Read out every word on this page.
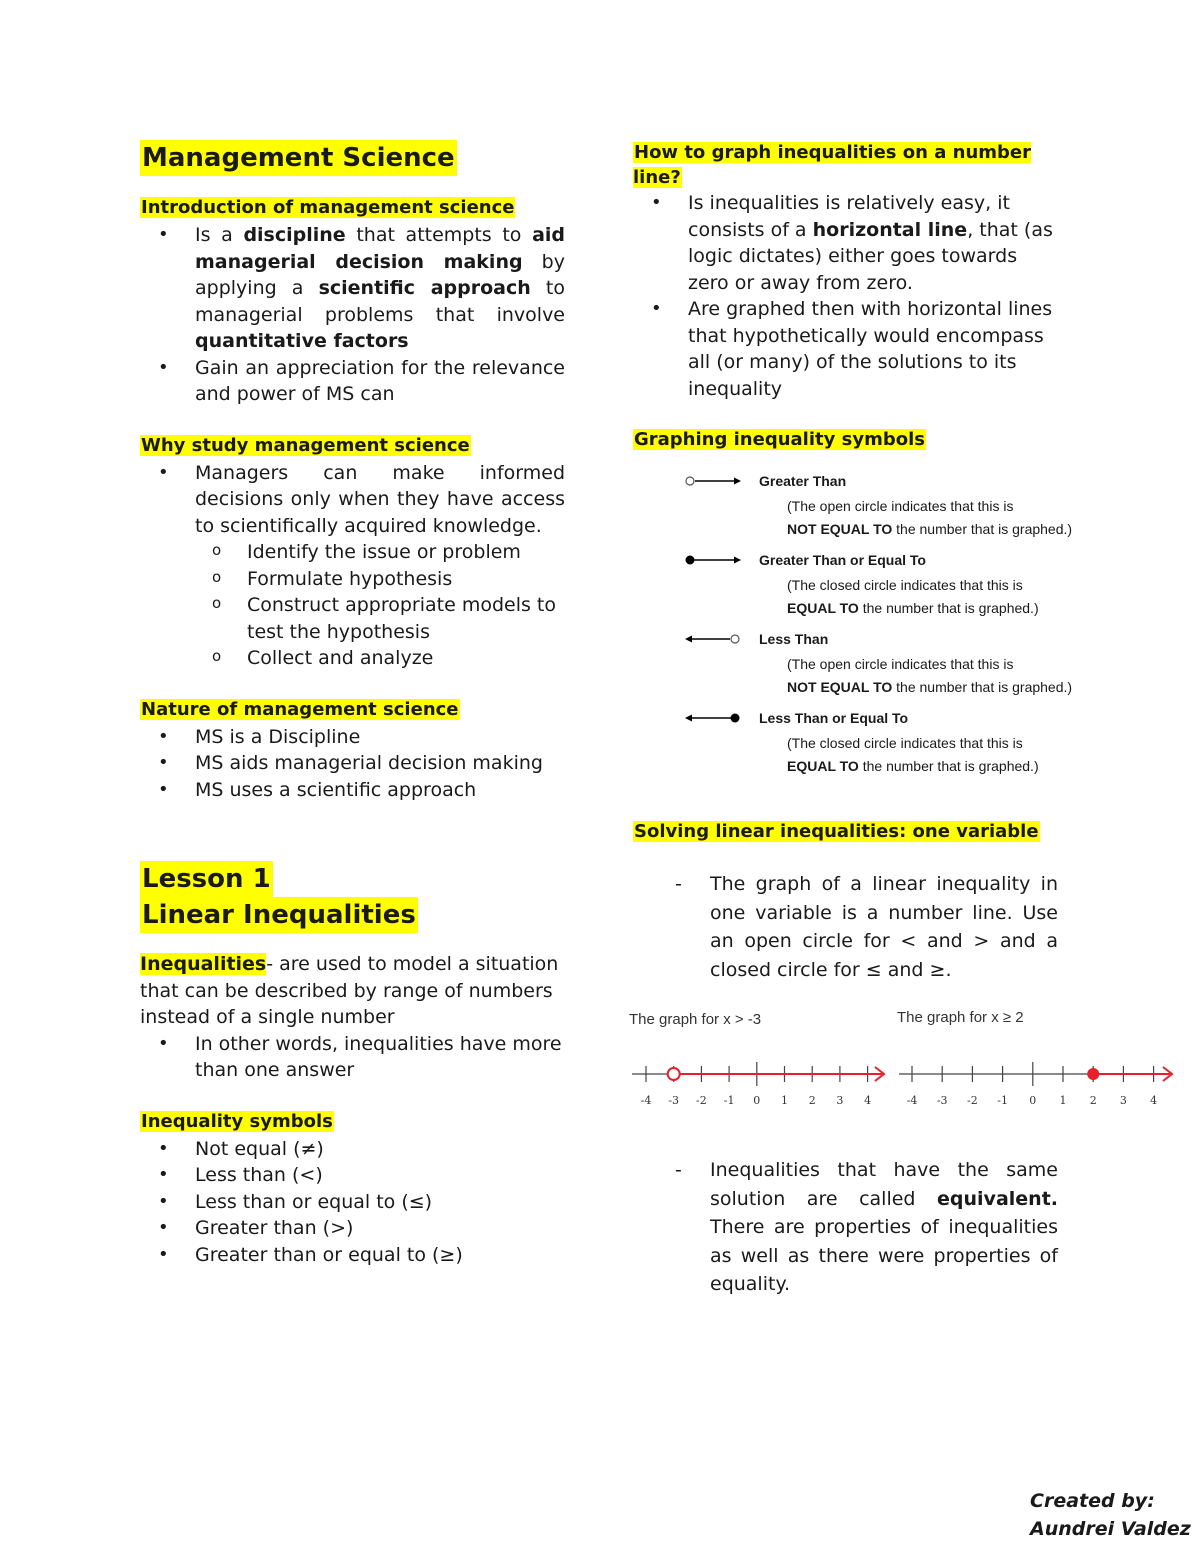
Management Science
Introduction of management science
• Is a discipline that attempts to aid managerial decision making by applying a scientific approach to managerial problems that involve quantitative factors
• Gain an appreciation for the relevance and power of MS can
Why study management science
• Managers can make informed decisions only when they have access to scientifically acquired knowledge.
o Identify the issue or problem
o Formulate hypothesis
o Construct appropriate models to test the hypothesis
o Collect and analyze
Nature of management science
• MS is a Discipline
• MS aids managerial decision making
• MS uses a scientific approach
Lesson 1
Linear Inequalities
Inequalities- are used to model a situation that can be described by range of numbers instead of a single number
• In other words, inequalities have more than one answer
Inequality symbols
• Not equal (≠)
• Less than (<)
• Less than or equal to (≤)
• Greater than (>)
• Greater than or equal to (≥)
How to graph inequalities on a number line?
• Is inequalities is relatively easy, it consists of a horizontal line, that (as logic dictates) either goes towards zero or away from zero.
• Are graphed then with horizontal lines that hypothetically would encompass all (or many) of the solutions to its inequality
Graphing inequality symbols
Greater Than
(The open circle indicates that this is
NOT EQUAL TO the number that is graphed.)
Greater Than or Equal To
(The closed circle indicates that this is
EQUAL TO the number that is graphed.)
Less Than
(The open circle indicates that this is
NOT EQUAL TO the number that is graphed.)
Less Than or Equal To
(The closed circle indicates that this is
EQUAL TO the number that is graphed.)
Solving linear inequalities: one variable
- The graph of a linear inequality in one variable is a number line. Use an open circle for < and > and a closed circle for ≤ and ≥.
The graph for x > -3	The graph for x ≥ 2
-4 -3 -2 -1 0 1 2 3 4	-4 -3 -2 -1 0 1 2 3 4
- Inequalities that have the same solution are called equivalent. There are properties of inequalities as well as there were properties of equality.
Created by:
Aundrei Valdez
